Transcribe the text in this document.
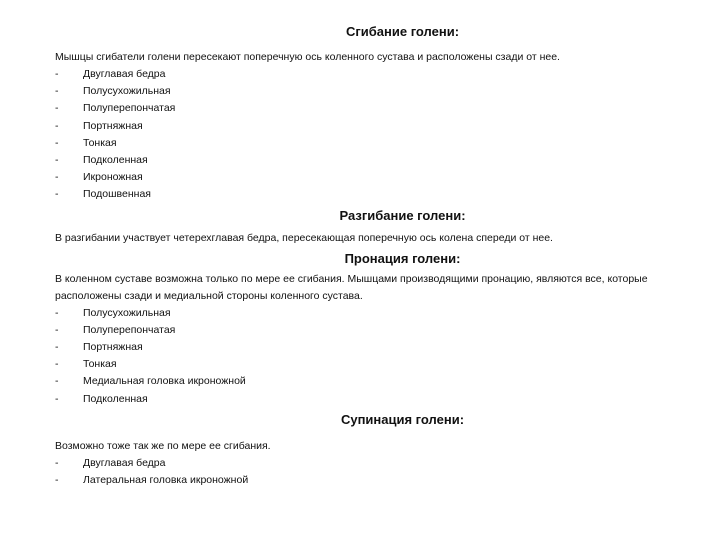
Сгибание голени:

Мышцы сгибатели голени пересекают поперечную ось коленного сустава и расположены сзади от нее.

-	Двуглавая бедра
-	Полусухожильная
-	Полуперепончатая
-	Портняжная
-	Тонкая
-	Подколенная
-	Икроножная
-	Подошвенная
Разгибание голени:

В разгибании участвует четерехглавая бедра, пересекающая поперечную ось колена спереди от нее.

Пронация голени:

В коленном суставе возможна только по мере ее сгибания. Мышцами производящими пронацию, являются все, которые расположены сзади и медиальной стороны коленного сустава.

-	Полусухожильная
-	Полуперепончатая
-	Портняжная
-	Тонкая
-	Медиальная головка икроножной
-	Подколенная
Супинация голени:

Возможно тоже так же по мере ее сгибания.

-	Двуглавая бедра
-	Латеральная головка икроножной
